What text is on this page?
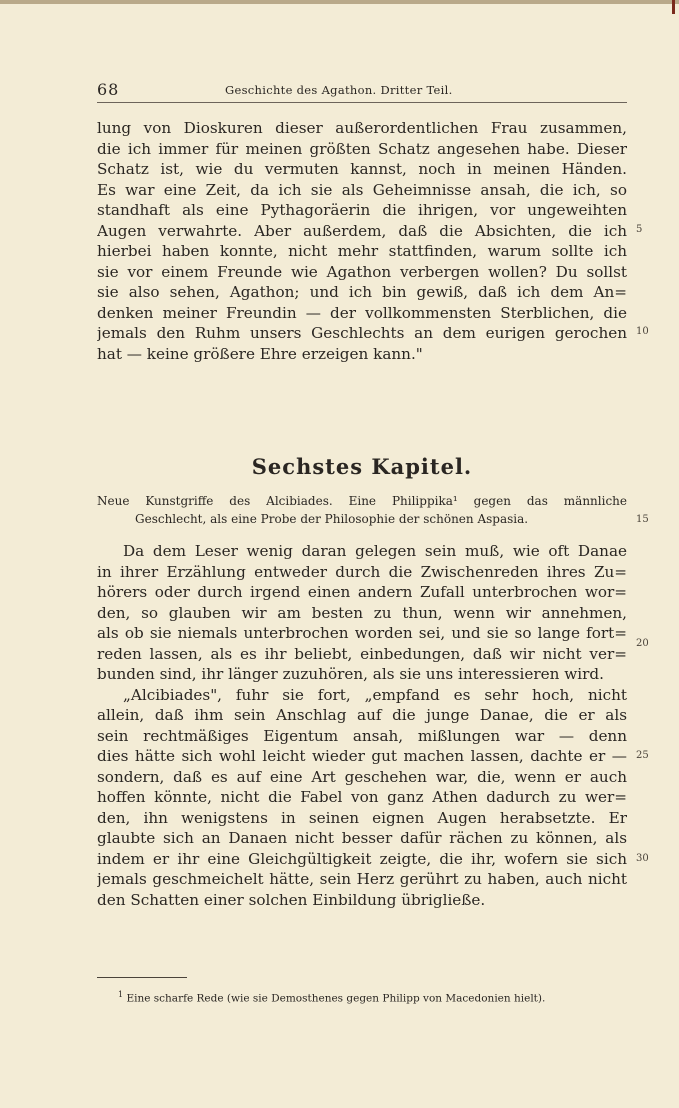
68	Geschichte des Agathon. Dritter Teil.
lung von Dioskuren dieser außerordentlichen Frau zusammen,
die ich immer für meinen größten Schatz angesehen habe. Dieser
Schatz ist, wie du vermuten kannst, noch in meinen Händen.
Es war eine Zeit, da ich sie als Geheimnisse ansah, die ich, so
standhaft als eine Pythagoräerin die ihrigen, vor ungeweihten
Augen verwahrte. Aber außerdem, daß die Absichten, die ich
hierbei haben konnte, nicht mehr stattfinden, warum sollte ich
sie vor einem Freunde wie Agathon verbergen wollen? Du sollst
sie also sehen, Agathon; und ich bin gewiß, daß ich dem An=
denken meiner Freundin — der vollkommensten Sterblichen, die
jemals den Ruhm unsers Geschlechts an dem eurigen gerochen
hat — keine größere Ehre erzeigen kann."
5
10
Sechstes Kapitel.
Neue Kunstgriffe des Alcibiades. Eine Philippika¹ gegen das männliche
Geschlecht, als eine Probe der Philosophie der schönen Aspasia.	15
Da dem Leser wenig daran gelegen sein muß, wie oft Danae
in ihrer Erzählung entweder durch die Zwischenreden ihres Zu=
hörers oder durch irgend einen andern Zufall unterbrochen wor=
den, so glauben wir am besten zu thun, wenn wir annehmen,
als ob sie niemals unterbrochen worden sei, und sie so lange fort=
reden lassen, als es ihr beliebt, einbedungen, daß wir nicht ver=
bunden sind, ihr länger zuzuhören, als sie uns interessieren wird.
„Alcibiades", fuhr sie fort, „empfand es sehr hoch, nicht
allein, daß ihm sein Anschlag auf die junge Danae, die er als
sein rechtmäßiges Eigentum ansah, mißlungen war — denn
dies hätte sich wohl leicht wieder gut machen lassen, dachte er —
sondern, daß es auf eine Art geschehen war, die, wenn er auch
hoffen könnte, nicht die Fabel von ganz Athen dadurch zu wer=
den, ihn wenigstens in seinen eignen Augen herabsetzte. Er
glaubte sich an Danaen nicht besser dafür rächen zu können, als
indem er ihr eine Gleichgültigkeit zeigte, die ihr, wofern sie sich
jemals geschmeichelt hätte, sein Herz gerührt zu haben, auch nicht
den Schatten einer solchen Einbildung übrigließe.
20
25
30
$^1$ Eine scharfe Rede (wie sie Demosthenes gegen Philipp von Macedonien hielt).
